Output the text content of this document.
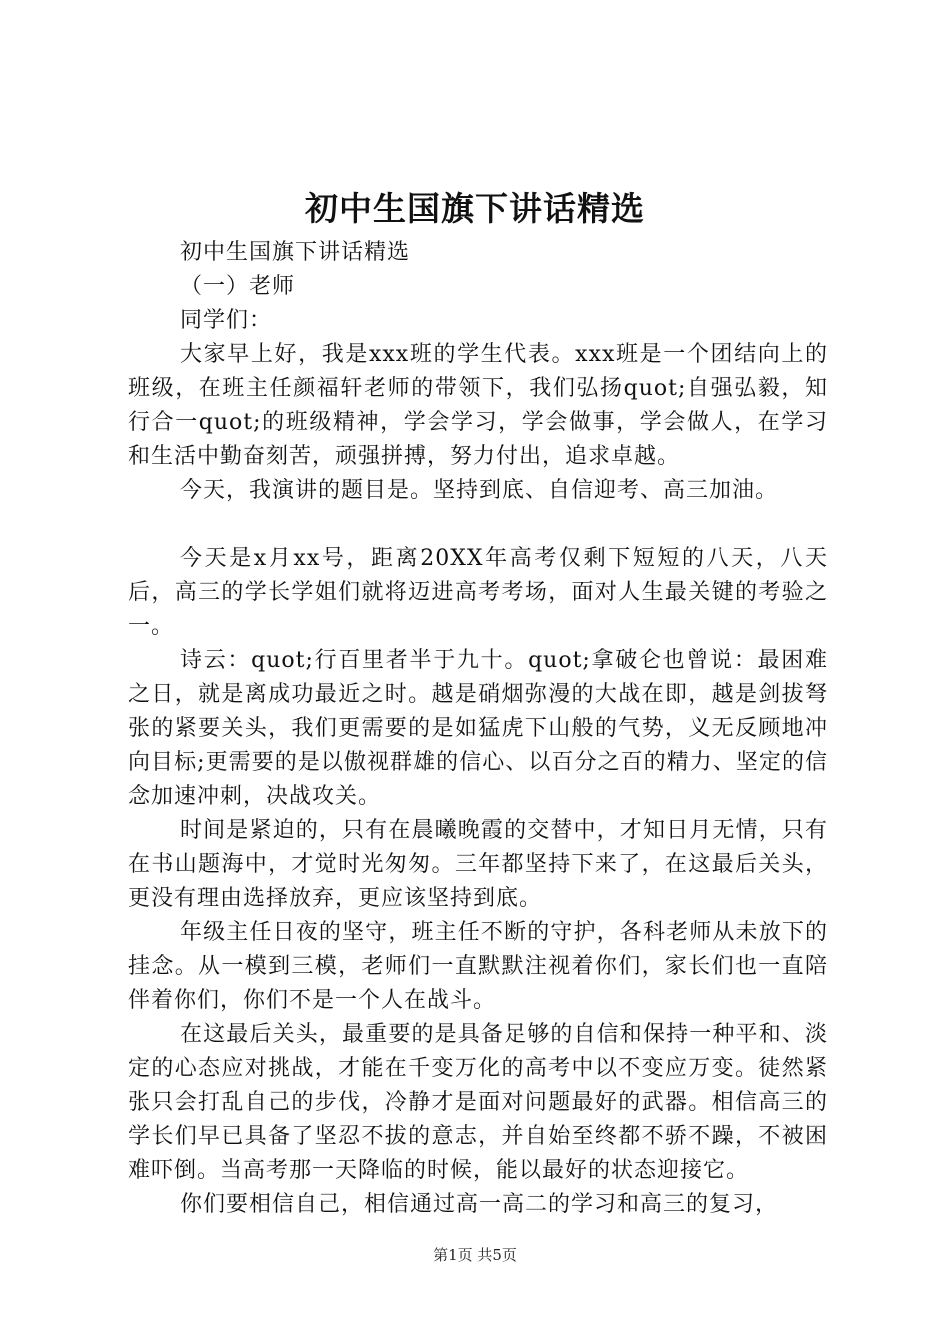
初中生国旗下讲话精选

初中生国旗下讲话精选

（一）老师

同学们：

大家早上好，我是xxx班的学生代表。xxx班是一个团结向上的班级，在班主任颜福轩老师的带领下，我们弘扬quot;自强弘毅，知行合一quot;的班级精神，学会学习，学会做事，学会做人，在学习和生活中勤奋刻苦，顽强拼搏，努力付出，追求卓越。

今天，我演讲的题目是。坚持到底、自信迎考、高三加油。

今天是x月xx号，距离20XX年高考仅剩下短短的八天，八天后，高三的学长学姐们就将迈进高考考场，面对人生最关键的考验之一。

诗云：quot;行百里者半于九十。quot;拿破仑也曾说：最困难之日，就是离成功最近之时。越是硝烟弥漫的大战在即，越是剑拔弩张的紧要关头，我们更需要的是如猛虎下山般的气势，义无反顾地冲向目标;更需要的是以傲视群雄的信心、以百分之百的精力、坚定的信念加速冲刺，决战攻关。

时间是紧迫的，只有在晨曦晚霞的交替中，才知日月无情，只有在书山题海中，才觉时光匆匆。三年都坚持下来了，在这最后关头，更没有理由选择放弃，更应该坚持到底。

年级主任日夜的坚守，班主任不断的守护，各科老师从未放下的挂念。从一模到三模，老师们一直默默注视着你们，家长们也一直陪伴着你们，你们不是一个人在战斗。

在这最后关头，最重要的是具备足够的自信和保持一种平和、淡定的心态应对挑战，才能在千变万化的高考中以不变应万变。徒然紧张只会打乱自己的步伐，冷静才是面对问题最好的武器。相信高三的学长们早已具备了坚忍不拔的意志，并自始至终都不骄不躁，不被困难吓倒。当高考那一天降临的时候，能以最好的状态迎接它。

你们要相信自己，相信通过高一高二的学习和高三的复习，

第1页 共5页
